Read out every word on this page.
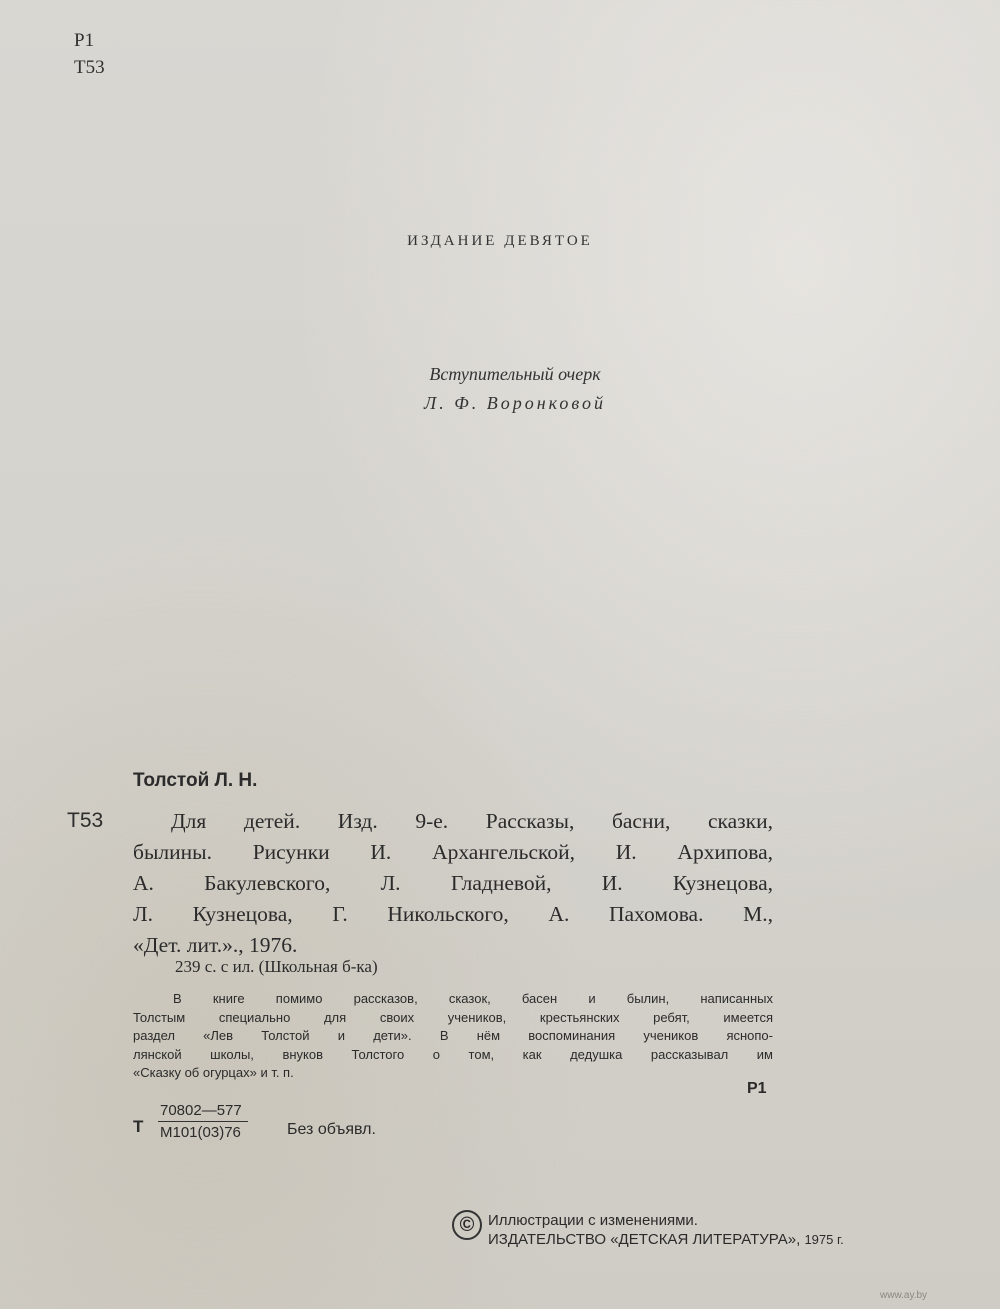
P1
T53
ИЗДАНИЕ ДЕВЯТОЕ
Вступительный очерк
Л. Ф. Воронковой
Толстой Л. Н.
Т53	Для детей. Изд. 9-е. Рассказы, басни, сказки,
былины. Рисунки И. Архангельской, И. Архипова,
А. Бакулевского, Л. Гладневой, И. Кузнецова,
Л. Кузнецова, Г. Никольского, А. Пахомова. М.,
«Дет. лит.»., 1976.
239 с. с ил. (Школьная б-ка)
В книге помимо рассказов, сказок, басен и былин, написанных
Толстым специально для своих учеников, крестьянских ребят, имеется
раздел «Лев Толстой и дети». В нём воспоминания учеников яснопо-
лянской школы, внуков Толстого о том, как дедушка рассказывал им
«Сказку об огурцах» и т. п.
Р1
Т
70802—577
М101(03)76	Без объявл.
© Иллюстрации с изменениями.
ИЗДАТЕЛЬСТВО «ДЕТСКАЯ ЛИТЕРАТУРА», 1975 г.
www.ay.by
